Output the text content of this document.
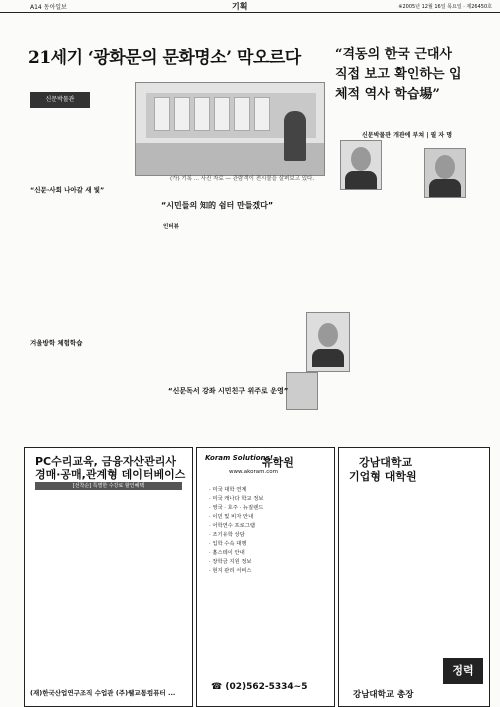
A14 동아일보	기획	※2005년 12월 16일 목요일 · 제26450호
21세기 ‘광화문의 문화명소’ 막오르다
신문박물관
(가) 기록 ... 사진 자료 — 관람객이 전시물을 살펴보고 있다.
“신문·사회 나아갈 새 빛”
겨울방학 체험학습
“시민들의 知的 쉼터 만들겠다”
인터뷰
“신문독서 강좌 시민친구 위주로 운영”
“격동의 한국 근대사 직접 보고 확인하는 입체적 역사 학습場”
신문박물관 개관에 부쳐 | 필 자 명
PC수리교육, 금융자산관리사
경매·공매,관계형 데이터베이스
[선착순] 특별한 수강료 할인혜택
(재)한국산업연구조직 수업관 (주)웰교통컴퓨터 ...
Koram Solutions!
유학원
www.akoram.com
· 미국 대학 연계
· 미국 캐나다 학교 정보
· 영국 · 호주 · 뉴질랜드
· 이민 및 비자 안내
· 어학연수 프로그램
· 조기유학 상담
· 입학 수속 대행
· 홈스테이 안내
· 장학금 지원 정보
· 현지 관리 서비스
☎ (02)562-5334~5
강남대학교
기업형 대학원
정력
강남대학교 총장
